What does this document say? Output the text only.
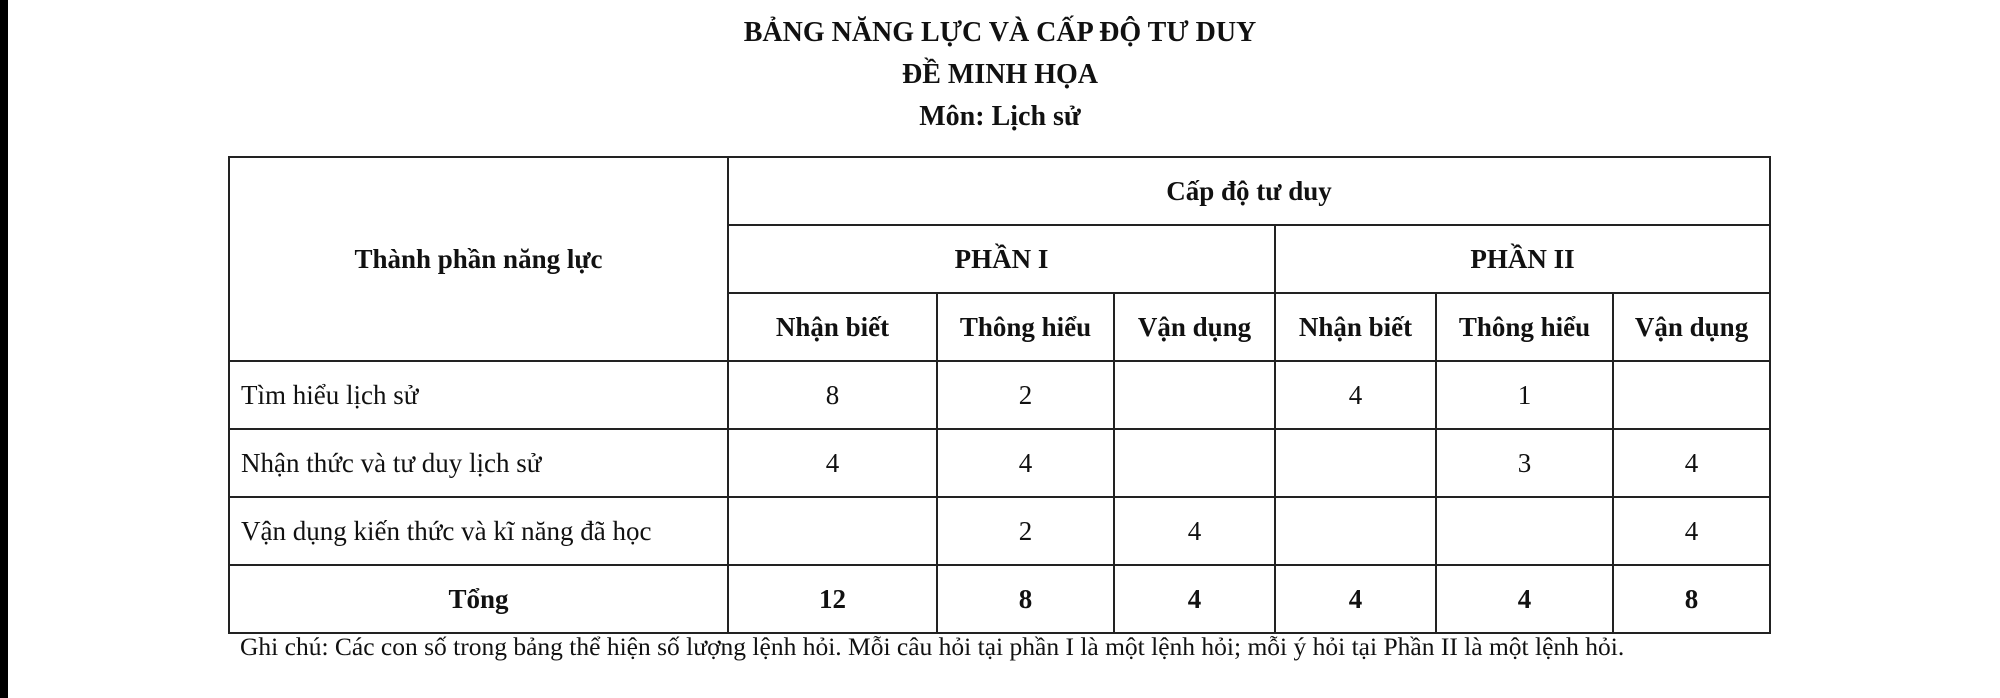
BẢNG NĂNG LỰC VÀ CẤP ĐỘ TƯ DUY

ĐỀ MINH HỌA

Môn: Lịch sử

Thành phần năng lực	Cấp độ tư duy					
	PHẦN I			PHẦN II		
	Nhận biết	Thông hiểu	Vận dụng	Nhận biết	Thông hiểu	Vận dụng
Tìm hiểu lịch sử	8	2		4	1	
Nhận thức và tư duy lịch sử	4	4			3	4
Vận dụng kiến thức và kĩ năng đã học		2	4			4
Tổng	12	8	4	4	4	8
Ghi chú: Các con số trong bảng thể hiện số lượng lệnh hỏi. Mỗi câu hỏi tại phần I là một lệnh hỏi; mỗi ý hỏi tại Phần II là một lệnh hỏi.
